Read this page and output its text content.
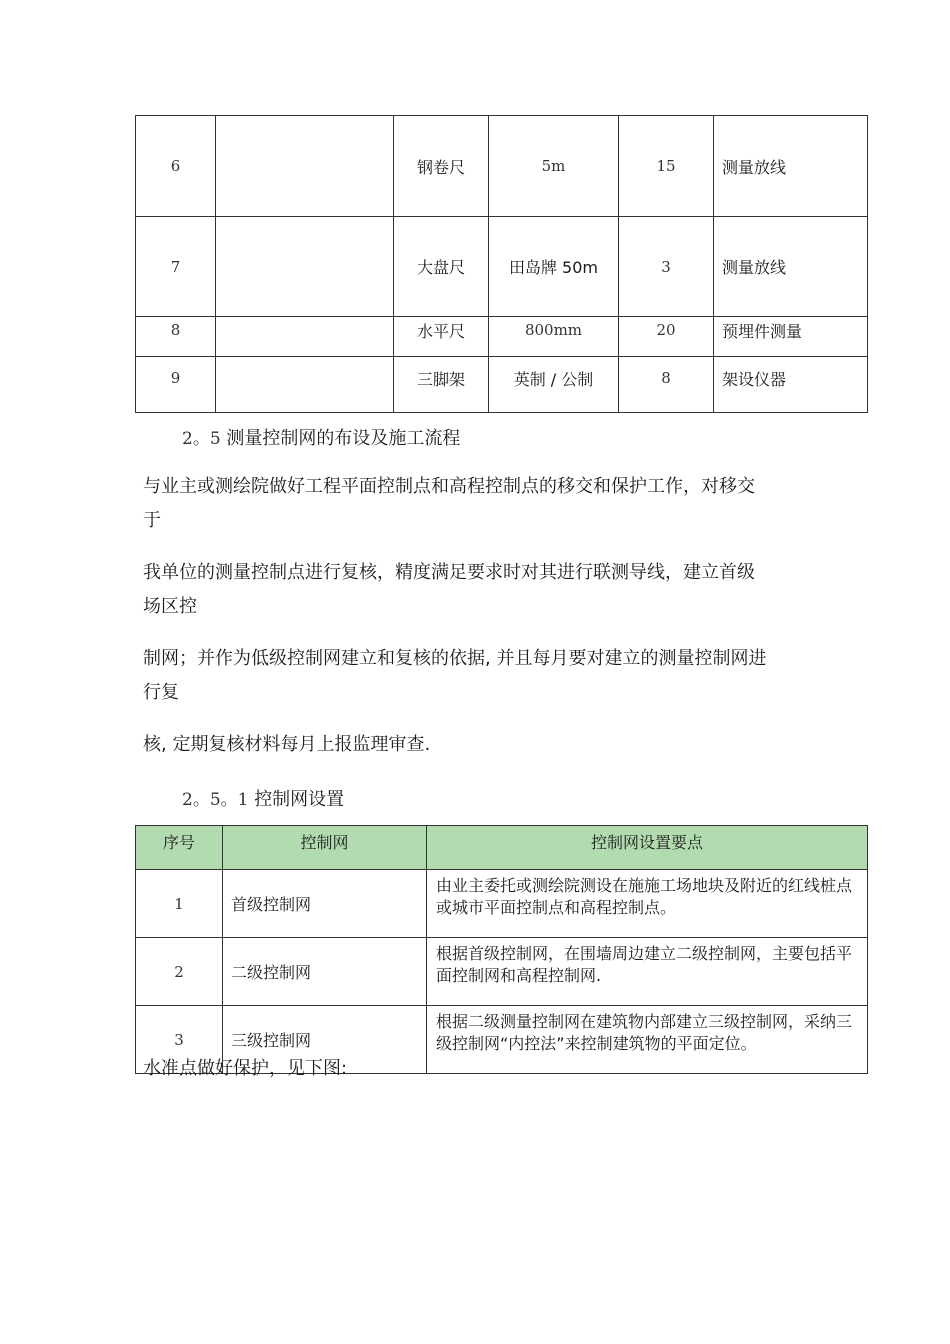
6		钢卷尺	5m	15	测量放线
7		大盘尺	田岛牌 50m	3	测量放线
8		水平尺	800mm	20	预埋件测量
9		三脚架	英制 / 公制	8	架设仪器
2。5 测量控制网的布设及施工流程

与业主或测绘院做好工程平面控制点和高程控制点的移交和保护工作，对移交

于

我单位的测量控制点进行复核，精度满足要求时对其进行联测导线，建立首级

场区控

制网；并作为低级控制网建立和复核的依据, 并且每月要对建立的测量控制网进

行复

核, 定期复核材料每月上报监理审查.

2。5。1 控制网设置
序号	控制网	控制网设置要点
1	首级控制网	由业主委托或测绘院测设在施施工场地块及附近的红线桩点或城市平面控制点和高程控制点。
2	二级控制网	根据首级控制网，在围墙周边建立二级控制网，主要包括平面控制网和高程控制网.
3	三级控制网	根据二级测量控制网在建筑物内部建立三级控制网，采纳三级控制网“内控法”来控制建筑物的平面定位。

水准点做好保护，见下图:
